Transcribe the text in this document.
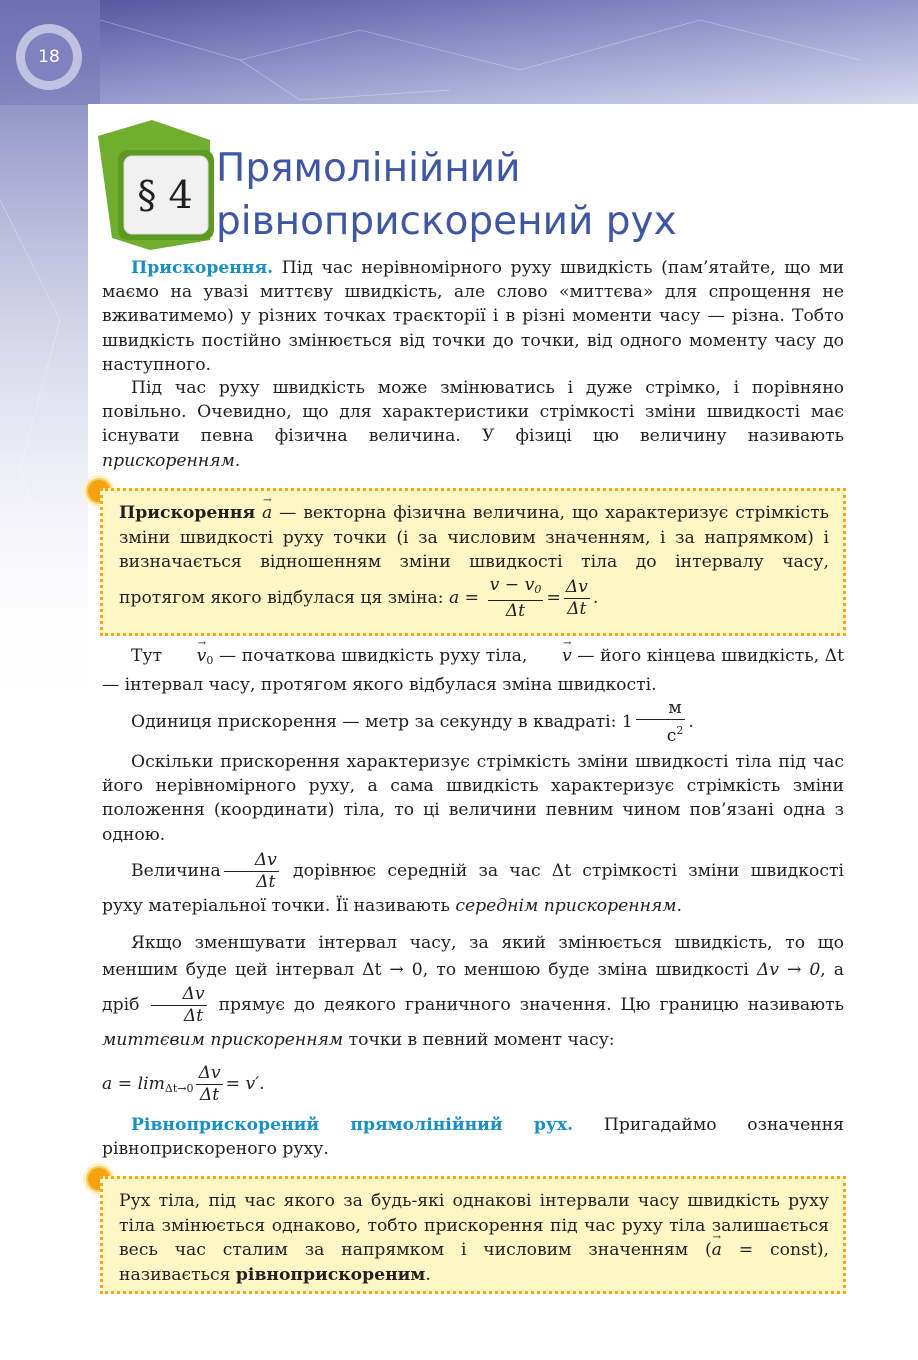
18
§ 4
Прямолінійний
рівноприскорений рух
Прискорення. Під час нерівномірного руху швидкість (пам’ятайте, що ми маємо на увазі миттєву швидкість, але слово «миттєва» для спрощення не вживатимемо) у різних точках траєкторії і в різні моменти часу — різна. Тобто швидкість постійно змінюється від точки до точки, від одного моменту часу до наступного.
Під час руху швидкість може змінюватись і дуже стрімко, і порівняно повільно. Очевидно, що для характеристики стрімкості зміни швидкості має існувати певна фізична величина. У фізиці цю величину називають прискоренням.
Прискорення a → — векторна фізична величина, що характеризує стрімкість зміни швидкості руху точки (і за числовим значенням, і за напрямком) і визначається відношенням зміни швидкості тіла до інтервалу часу, протягом якого відбулася ця зміна: $a = \frac{v - v_0}{\Delta t} = \frac{\Delta v}{\Delta t}$ .
Тут $v \to_0$ — початкова швидкість руху тіла, v → — його кінцева швидкість, Δt — інтервал часу, протягом якого відбулася зміна швидкості.
Одиниця прискорення — метр за секунду в квадраті: $1 \frac{м}{с^2}$ .
Оскільки прискорення характеризує стрімкість зміни швидкості тіла під час його нерівномірного руху, а сама швидкість характеризує стрімкість зміни положення (координати) тіла, то ці величини певним чином пов’язані одна з одною.
Величина $\frac{\Delta v}{\Delta t}$ дорівнює середній за час Δt стрімкості зміни швидкості руху матеріальної точки. Її називають середнім прискоренням.
Якщо зменшувати інтервал часу, за який змінюється швидкість, то що меншим буде цей інтервал Δt → 0, то меншою буде зміна швидкості Δv → 0, а дріб $\frac{\Delta v}{\Delta t}$ прямує до деякого граничного значення. Цю границю називають миттєвим прискоренням точки в певний момент часу:
$a = \lim_{\Delta t\to 0} \frac{\Delta v}{\Delta t} = v'$.
Рівноприскорений прямолінійний рух. Пригадаймо означення рівноприскореного руху.
Рух тіла, під час якого за будь-які однакові інтервали часу швидкість руху тіла змінюється однаково, тобто прискорення під час руху тіла залишається весь час сталим за напрямком і числовим значенням (a → = const), називається рівноприскореним.
